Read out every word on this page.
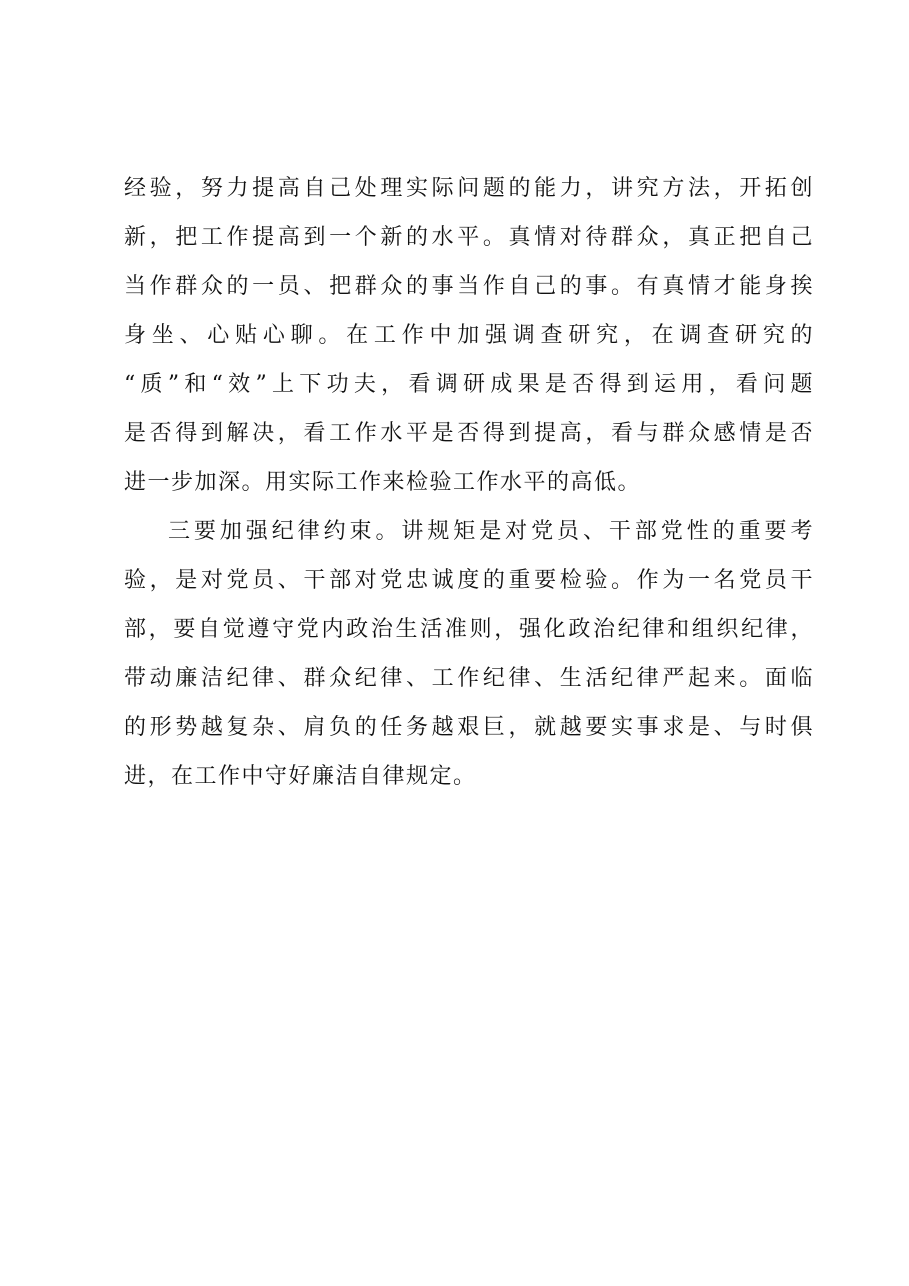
经验，努力提高自己处理实际问题的能力，讲究方法，开拓创
新，把工作提高到一个新的水平。真情对待群众，真正把自己
当作群众的一员、把群众的事当作自己的事。有真情才能身挨
身坐、心贴心聊。在工作中加强调查研究，在调查研究的
“质”和“效”上下功夫，看调研成果是否得到运用，看问题
是否得到解决，看工作水平是否得到提高，看与群众感情是否
进一步加深。用实际工作来检验工作水平的高低。
三要加强纪律约束。讲规矩是对党员、干部党性的重要考
验，是对党员、干部对党忠诚度的重要检验。作为一名党员干
部，要自觉遵守党内政治生活准则，强化政治纪律和组织纪律，
带动廉洁纪律、群众纪律、工作纪律、生活纪律严起来。面临
的形势越复杂、肩负的任务越艰巨，就越要实事求是、与时俱
进，在工作中守好廉洁自律规定。
